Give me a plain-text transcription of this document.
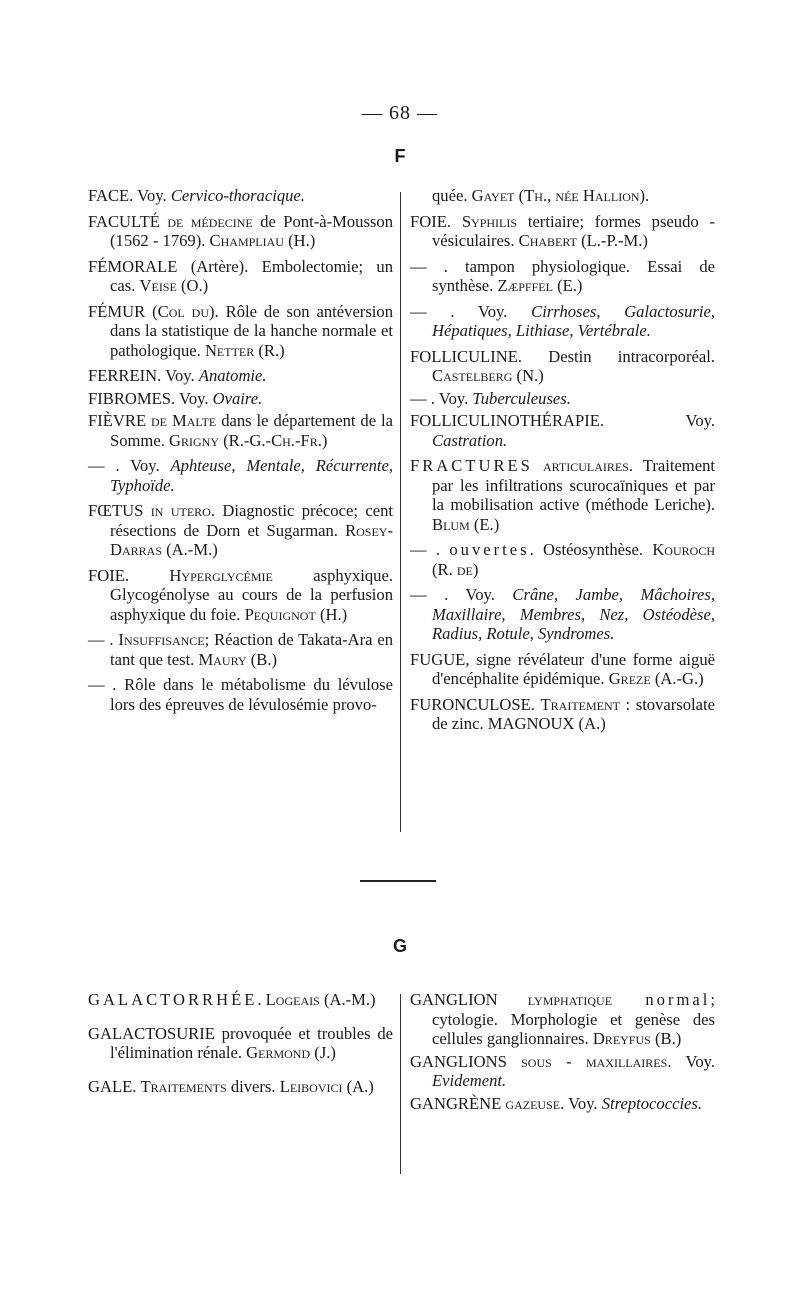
— 68 —
F

FACE. Voy. Cervico-thoracique.

FACULTÉ de médecine de Pont-à-Mousson (1562 - 1769). Champliau (H.)

FÉMORALE (Artère). Embolectomie; un cas. Veise (O.)

FÉMUR (Col du). Rôle de son antéversion dans la statistique de la hanche normale et pathologique. Netter (R.)

FERREIN. Voy. Anatomie.

FIBROMES. Voy. Ovaire.

FIÈVRE de Malte dans le département de la Somme. Grigny (R.-G.-Ch.-Fr.)

— . Voy. Aphteuse, Mentale, Récurrente, Typhoïde.

FŒTUS in utero. Diagnostic précoce; cent résections de Dorn et Sugarman. Rosey-Darras (A.-M.)

FOIE. Hyperglycémie asphyxique. Glycogénolyse au cours de la perfusion asphyxique du foie. Pequignot (H.)

— . Insuffisance; Réaction de Takata-Ara en tant que test. Maury (B.)

— . Rôle dans le métabolisme du lévulose lors des épreuves de lévulosémie provo-

quée. Gayet (Th., née Hallion).

FOIE. Syphilis tertiaire; formes pseudo - vésiculaires. Chabert (L.-P.-M.)

— . tampon physiologique. Essai de synthèse. Zæpffel (E.)

— . Voy. Cirrhoses, Galactosurie, Hépatiques, Lithiase, Vertébrale.

FOLLICULINE. Destin intracorporéal. Castelberg (N.)

— . Voy. Tuberculeuses.

FOLLICULINOTHÉRAPIE. Voy. Castration.

FRACTURES articulaires. Traitement par les infiltrations scurocaïniques et par la mobilisation active (méthode Leriche). Blum (E.)

— . ouvertes. Ostéosynthèse. Kouroch (R. de)

— . Voy. Crâne, Jambe, Mâchoires, Maxillaire, Membres, Nez, Ostéodèse, Radius, Rotule, Syndromes.

FUGUE, signe révélateur d'une forme aiguë d'encéphalite épidémique. Greze (A.-G.)

FURONCULOSE. Traitement : stovarsolate de zinc. MAGNOUX (A.)

G

GALACTORRHÉE. Logeais (A.-M.)

GALACTOSURIE provoquée et troubles de l'élimination rénale. Germond (J.)

GALE. Traitements divers. Leibovici (A.)

GANGLION lymphatique normal; cytologie. Morphologie et genèse des cellules ganglionnaires. Dreyfus (B.)

GANGLIONS sous - maxillaires. Voy. Evidement.

GANGRÈNE gazeuse. Voy. Streptococcies.
